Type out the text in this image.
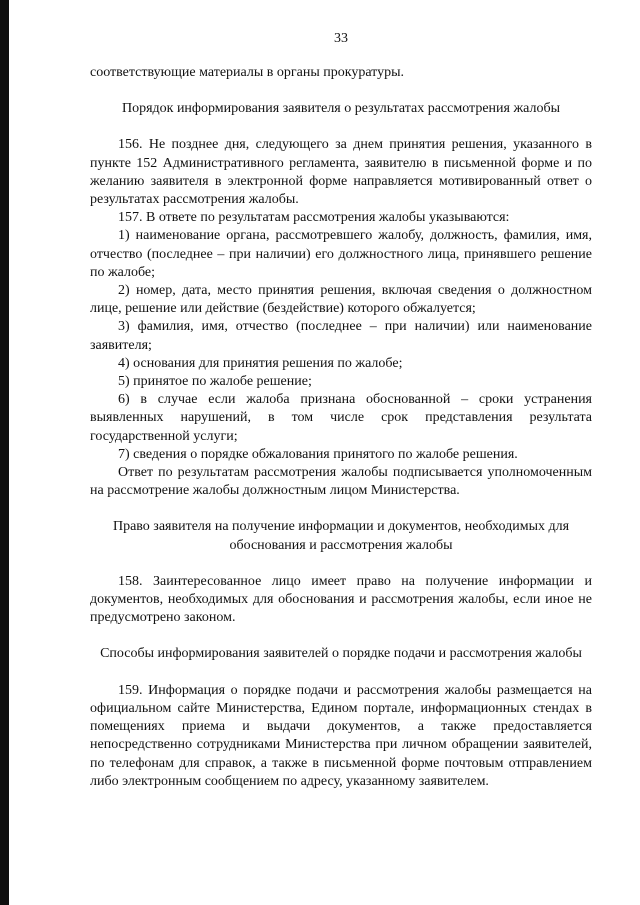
33

соответствующие материалы в органы прокуратуры.

Порядок информирования заявителя о результатах рассмотрения жалобы

156. Не позднее дня, следующего за днем принятия решения, указанного в пункте 152 Административного регламента, заявителю в письменной форме и по желанию заявителя в электронной форме направляется мотивированный ответ о результатах рассмотрения жалобы.

157. В ответе по результатам рассмотрения жалобы указываются:

1) наименование органа, рассмотревшего жалобу, должность, фамилия, имя, отчество (последнее – при наличии) его должностного лица, принявшего решение по жалобе;

2) номер, дата, место принятия решения, включая сведения о должностном лице, решение или действие (бездействие) которого обжалуется;

3) фамилия, имя, отчество (последнее – при наличии) или наименование заявителя;

4) основания для принятия решения по жалобе;

5) принятое по жалобе решение;

6) в случае если жалоба признана обоснованной – сроки устранения выявленных нарушений, в том числе срок представления результата государственной услуги;

7) сведения о порядке обжалования принятого по жалобе решения.

Ответ по результатам рассмотрения жалобы подписывается уполномоченным на рассмотрение жалобы должностным лицом Министерства.

Право заявителя на получение информации и документов, необходимых для обоснования и рассмотрения жалобы

158. Заинтересованное лицо имеет право на получение информации и документов, необходимых для обоснования и рассмотрения жалобы, если иное не предусмотрено законом.

Способы информирования заявителей о порядке подачи и рассмотрения жалобы

159. Информация о порядке подачи и рассмотрения жалобы размещается на официальном сайте Министерства, Едином портале, информационных стендах в помещениях приема и выдачи документов, а также предоставляется непосредственно сотрудниками Министерства при личном обращении заявителей, по телефонам для справок, а также в письменной форме почтовым отправлением либо электронным сообщением по адресу, указанному заявителем.
